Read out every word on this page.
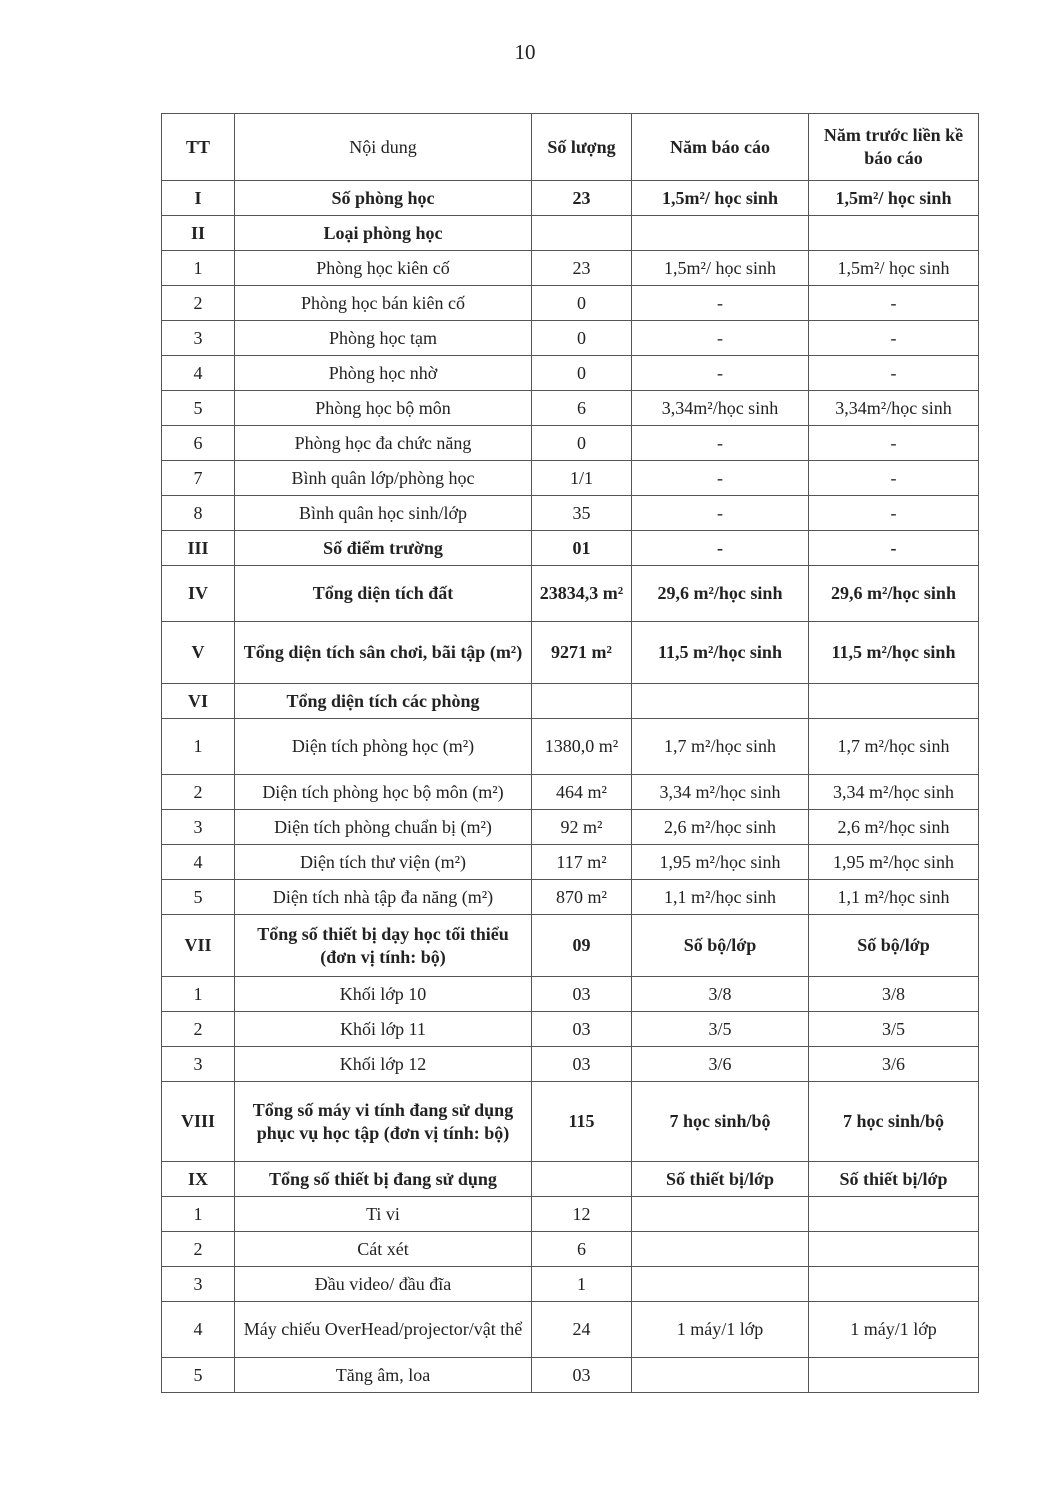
10
TT	Nội dung	Số lượng	Năm báo cáo	Năm trước liền kề báo cáo
I	Số phòng học	23	1,5m²/ học sinh	1,5m²/ học sinh
II	Loại phòng học			
1	Phòng học kiên cố	23	1,5m²/ học sinh	1,5m²/ học sinh
2	Phòng học bán kiên cố	0	-	-
3	Phòng học tạm	0	-	-
4	Phòng học nhờ	0	-	-
5	Phòng học bộ môn	6	3,34m²/học sinh	3,34m²/học sinh
6	Phòng học đa chức năng	0	-	-
7	Bình quân lớp/phòng học	1/1	-	-
8	Bình quân học sinh/lớp	35	-	-
III	Số điểm trường	01	-	-
IV	Tổng diện tích đất	23834,3 m²	29,6 m²/học sinh	29,6 m²/học sinh
V	Tổng diện tích sân chơi, bãi tập (m²)	9271 m²	11,5 m²/học sinh	11,5 m²/học sinh
VI	Tổng diện tích các phòng			
1	Diện tích phòng học (m²)	1380,0 m²	1,7 m²/học sinh	1,7 m²/học sinh
2	Diện tích phòng học bộ môn (m²)	464 m²	3,34 m²/học sinh	3,34 m²/học sinh
3	Diện tích phòng chuẩn bị (m²)	92 m²	2,6 m²/học sinh	2,6 m²/học sinh
4	Diện tích thư viện (m²)	117 m²	1,95 m²/học sinh	1,95 m²/học sinh
5	Diện tích nhà tập đa năng (m²)	870 m²	1,1 m²/học sinh	1,1 m²/học sinh
VII	Tổng số thiết bị dạy học tối thiểu (đơn vị tính: bộ)	09	Số bộ/lớp	Số bộ/lớp
1	Khối lớp 10	03	3/8	3/8
2	Khối lớp 11	03	3/5	3/5
3	Khối lớp 12	03	3/6	3/6
VIII	Tổng số máy vi tính đang sử dụng phục vụ học tập (đơn vị tính: bộ)	115	7 học sinh/bộ	7 học sinh/bộ
IX	Tổng số thiết bị đang sử dụng		Số thiết bị/lớp	Số thiết bị/lớp
1	Ti vi	12		
2	Cát xét	6		
3	Đầu video/ đầu đĩa	1		
4	Máy chiếu OverHead/projector/vật thể	24	1 máy/1 lớp	1 máy/1 lớp
5	Tăng âm, loa	03		
